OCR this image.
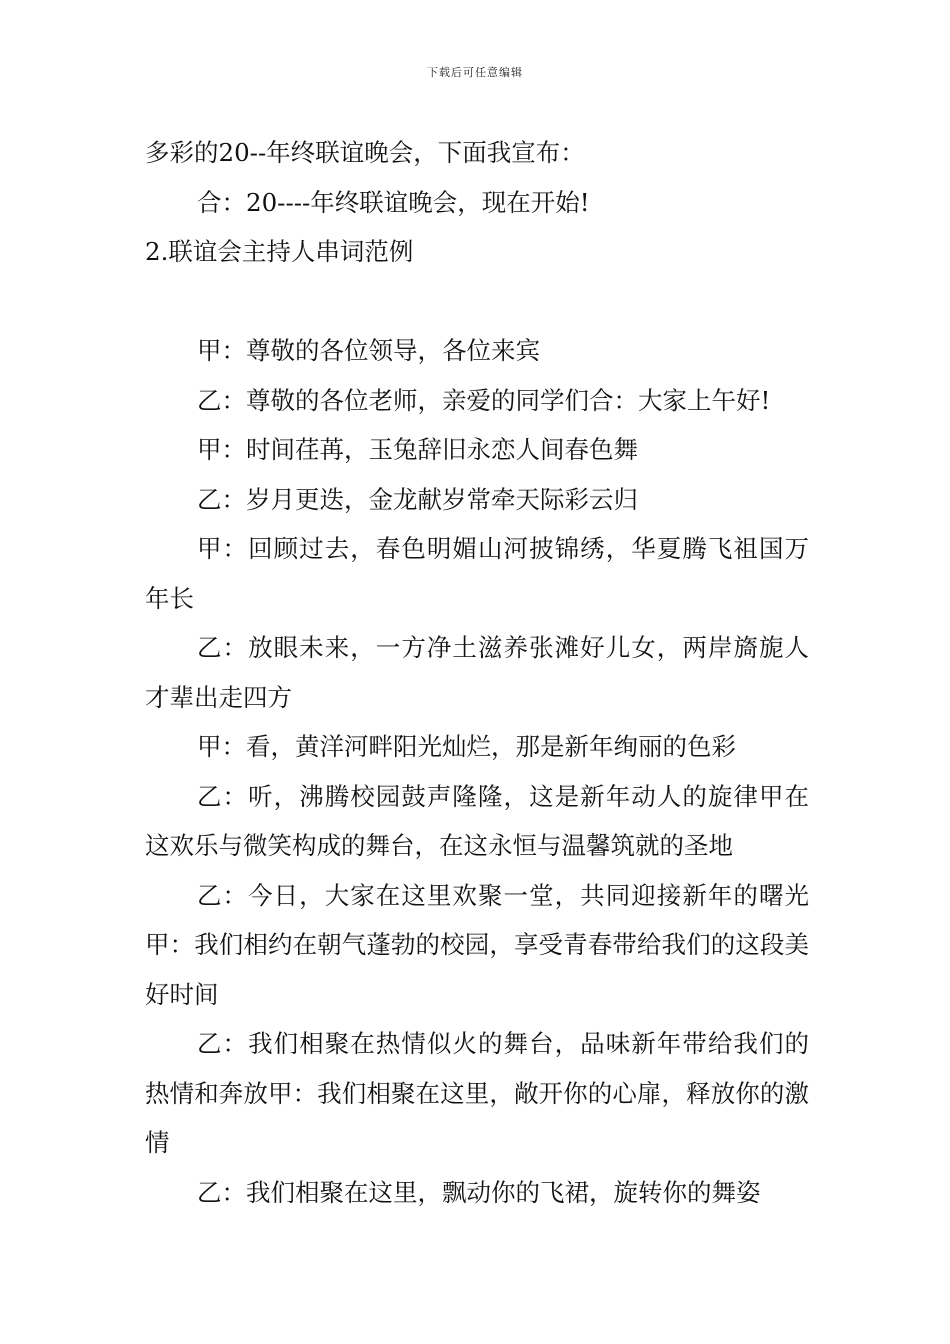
下载后可任意编辑

多彩的20--年终联谊晚会，下面我宣布：

合：20----年终联谊晚会，现在开始!

2.联谊会主持人串词范例

甲：尊敬的各位领导，各位来宾

乙：尊敬的各位老师，亲爱的同学们合：大家上午好!

甲：时间荏苒，玉兔辞旧永恋人间春色舞

乙：岁月更迭，金龙献岁常牵天际彩云归

甲：回顾过去，春色明媚山河披锦绣，华夏腾飞祖国万年长

乙：放眼未来，一方净土滋养张滩好儿女，两岸旖旎人才辈出走四方

甲：看，黄洋河畔阳光灿烂，那是新年绚丽的色彩

乙：听，沸腾校园鼓声隆隆，这是新年动人的旋律甲在这欢乐与微笑构成的舞台，在这永恒与温馨筑就的圣地

乙：今日，大家在这里欢聚一堂，共同迎接新年的曙光甲：我们相约在朝气蓬勃的校园，享受青春带给我们的这段美好时间

乙：我们相聚在热情似火的舞台，品味新年带给我们的热情和奔放甲：我们相聚在这里，敞开你的心扉，释放你的激情

乙：我们相聚在这里，飘动你的飞裙，旋转你的舞姿
